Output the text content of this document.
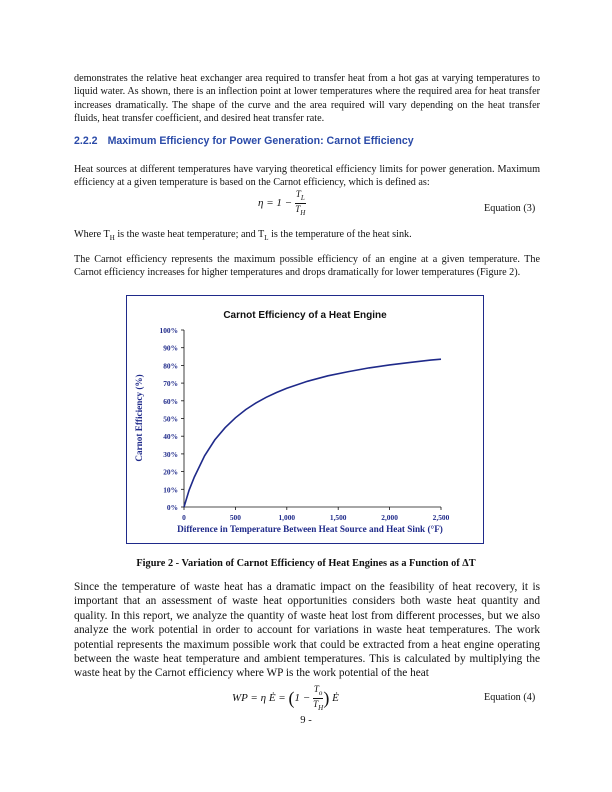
demonstrates the relative heat exchanger area required to transfer heat from a hot gas at varying temperatures to liquid water. As shown, there is an inflection point at lower temperatures where the required area for heat transfer increases dramatically. The shape of the curve and the area required will vary depending on the heat transfer fluids, heat transfer coefficient, and desired heat transfer rate.

2.2.2 Maximum Efficiency for Power Generation: Carnot Efficiency

Heat sources at different temperatures have varying theoretical efficiency limits for power generation. Maximum efficiency at a given temperature is based on the Carnot efficiency, which is defined as:

$\eta = 1 - \frac{T_L}{T_H}$	Equation (3)

Where $T_H$ is the waste heat temperature; and $T_L$ is the temperature of the heat sink.

The Carnot efficiency represents the maximum possible efficiency of an engine at a given temperature. The Carnot efficiency increases for higher temperatures and drops dramatically for lower temperatures (Figure 2).

Carnot Efficiency of a Heat Engine
0%
10%
20%
30%
40%
50%
60%
70%
80%
90%
100%
0	500	1,000	1,500	2,000	2,500
Difference in Temperature Between Heat Source and Heat Sink (°F)
Carnot Efficiency (%)
Figure 2 - Variation of Carnot Efficiency of Heat Engines as a Function of ΔT

Since the temperature of waste heat has a dramatic impact on the feasibility of heat recovery, it is important that an assessment of waste heat opportunities considers both waste heat quantity and quality. In this report, we analyze the quantity of waste heat lost from different processes, but we also analyze the work potential in order to account for variations in waste heat temperatures. The work potential represents the maximum possible work that could be extracted from a heat engine operating between the waste heat temperature and ambient temperatures. This is calculated by multiplying the waste heat by the Carnot efficiency where WP is the work potential of the heat

WP = η Ė = ($1 - \frac{T_o}{T_H}$ ) Ė	Equation (4)
9 -
